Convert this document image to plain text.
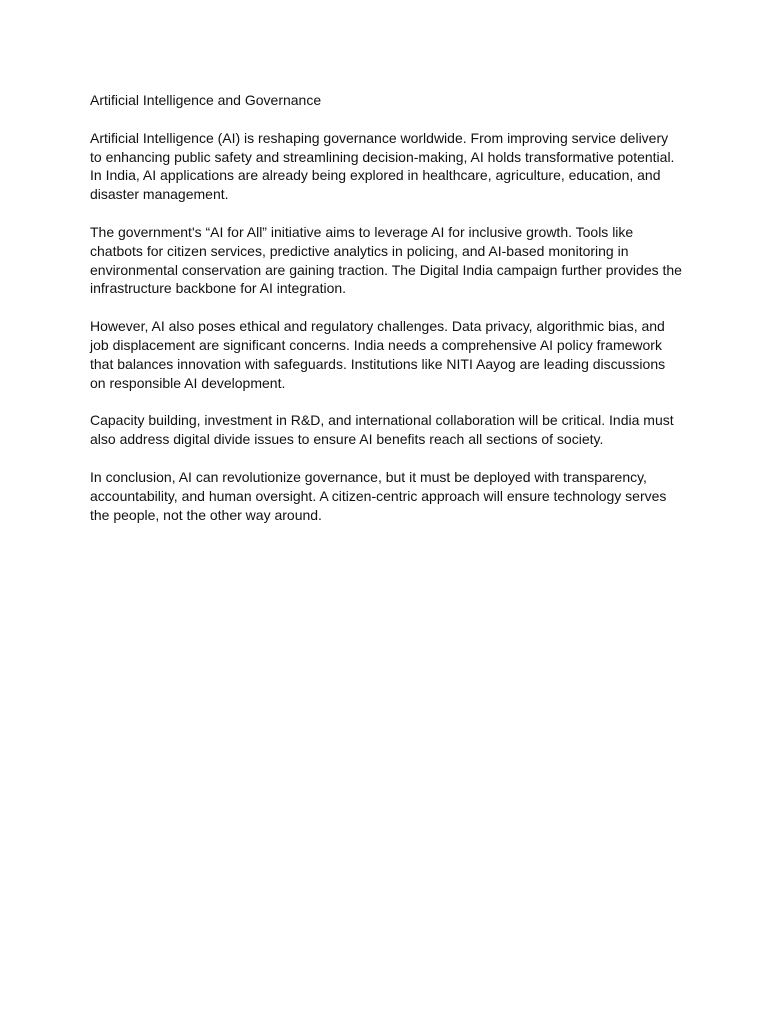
Artificial Intelligence and Governance

Artificial Intelligence (AI) is reshaping governance worldwide. From improving service delivery to enhancing public safety and streamlining decision-making, AI holds transformative potential. In India, AI applications are already being explored in healthcare, agriculture, education, and disaster management.

The government's “AI for All” initiative aims to leverage AI for inclusive growth. Tools like chatbots for citizen services, predictive analytics in policing, and AI-based monitoring in environmental conservation are gaining traction. The Digital India campaign further provides the infrastructure backbone for AI integration.

However, AI also poses ethical and regulatory challenges. Data privacy, algorithmic bias, and job displacement are significant concerns. India needs a comprehensive AI policy framework that balances innovation with safeguards. Institutions like NITI Aayog are leading discussions on responsible AI development.

Capacity building, investment in R&D, and international collaboration will be critical. India must also address digital divide issues to ensure AI benefits reach all sections of society.

In conclusion, AI can revolutionize governance, but it must be deployed with transparency, accountability, and human oversight. A citizen-centric approach will ensure technology serves the people, not the other way around.
